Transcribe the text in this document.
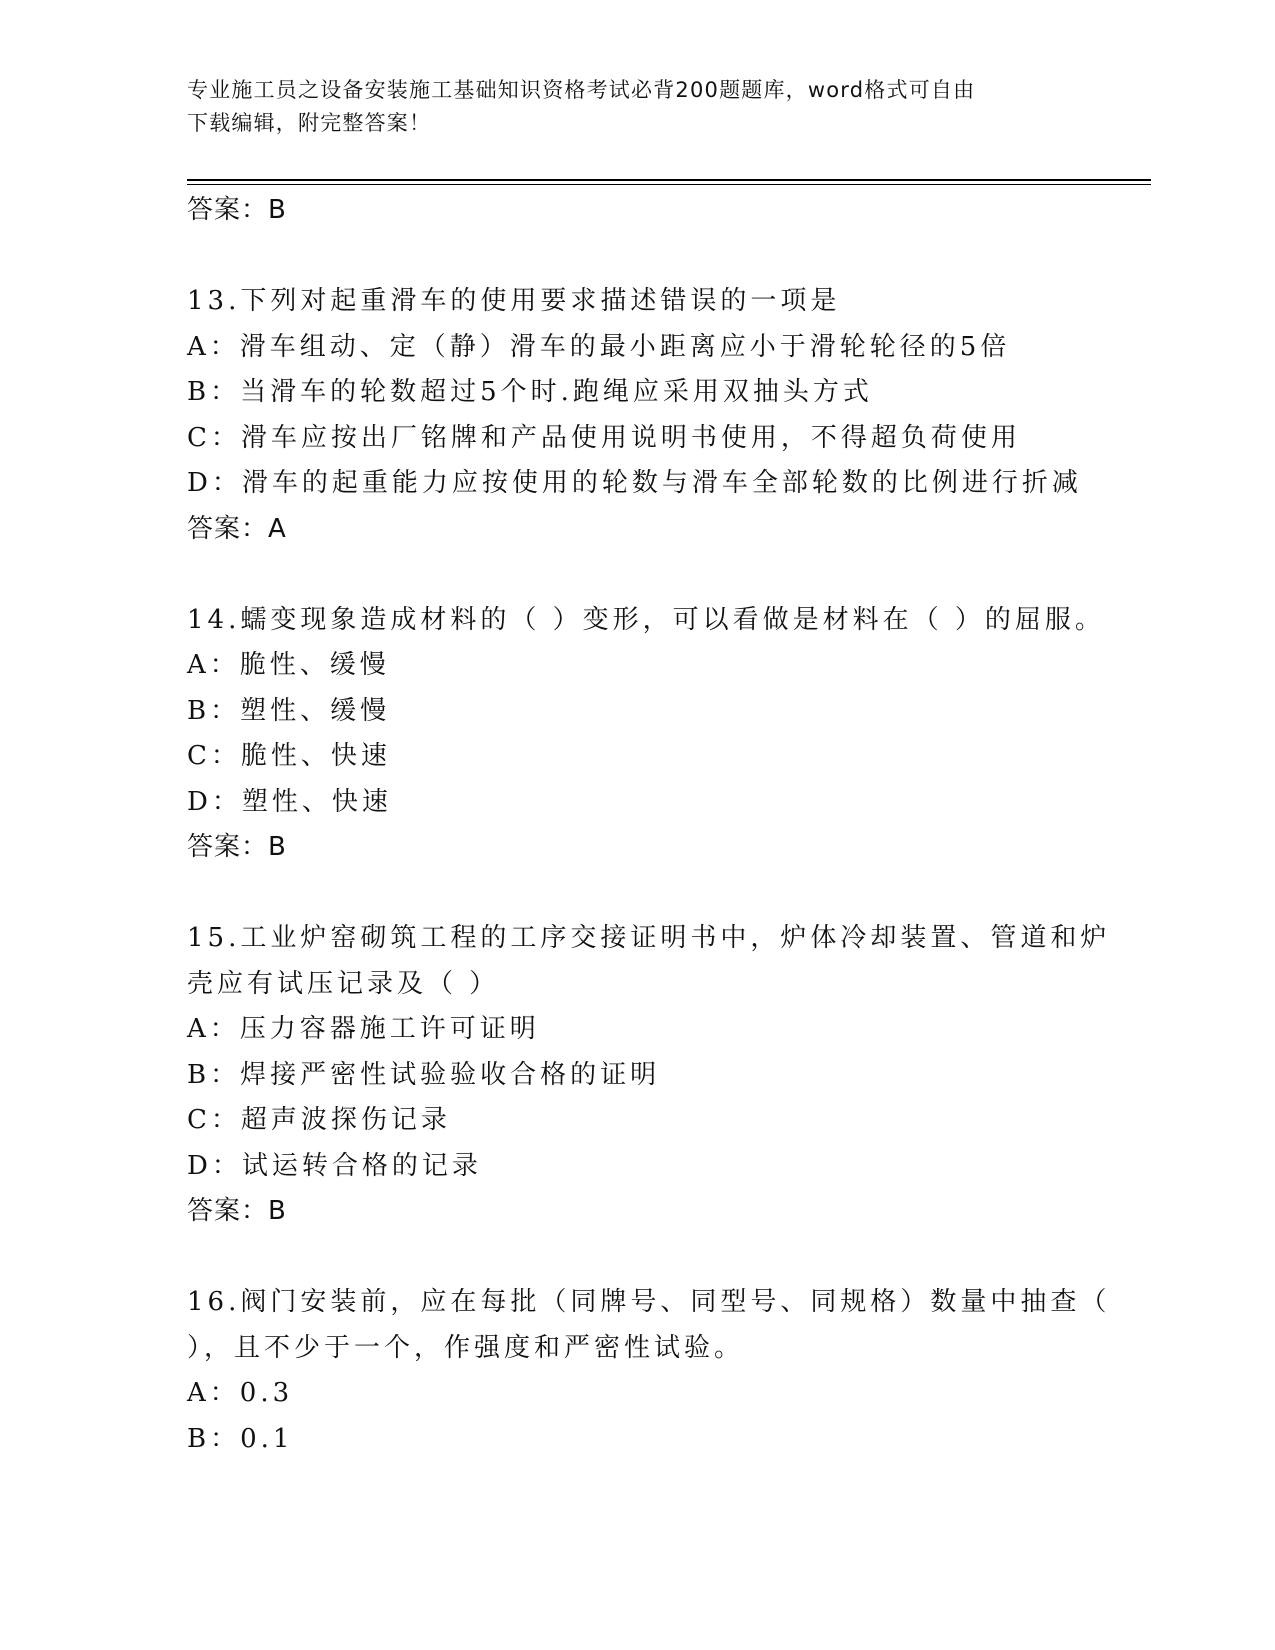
专业施工员之设备安装施工基础知识资格考试必背200题题库，word格式可自由
下载编辑，附完整答案！
答案：B
13.下列对起重滑车的使用要求描述错误的一项是
A：滑车组动、定（静）滑车的最小距离应小于滑轮轮径的5倍
B：当滑车的轮数超过5个时.跑绳应采用双抽头方式
C：滑车应按出厂铭牌和产品使用说明书使用，不得超负荷使用
D：滑车的起重能力应按使用的轮数与滑车全部轮数的比例进行折减
答案：A
14.蠕变现象造成材料的（ ）变形，可以看做是材料在（ ）的屈服。
A：脆性、缓慢
B：塑性、缓慢
C：脆性、快速
D：塑性、快速
答案：B
15.工业炉窑砌筑工程的工序交接证明书中，炉体冷却装置、管道和炉
壳应有试压记录及（ ）
A：压力容器施工许可证明
B：焊接严密性试验验收合格的证明
C：超声波探伤记录
D：试运转合格的记录
答案：B
16.阀门安装前，应在每批（同牌号、同型号、同规格）数量中抽查（
），且不少于一个，作强度和严密性试验。
A：0.3
B：0.1
